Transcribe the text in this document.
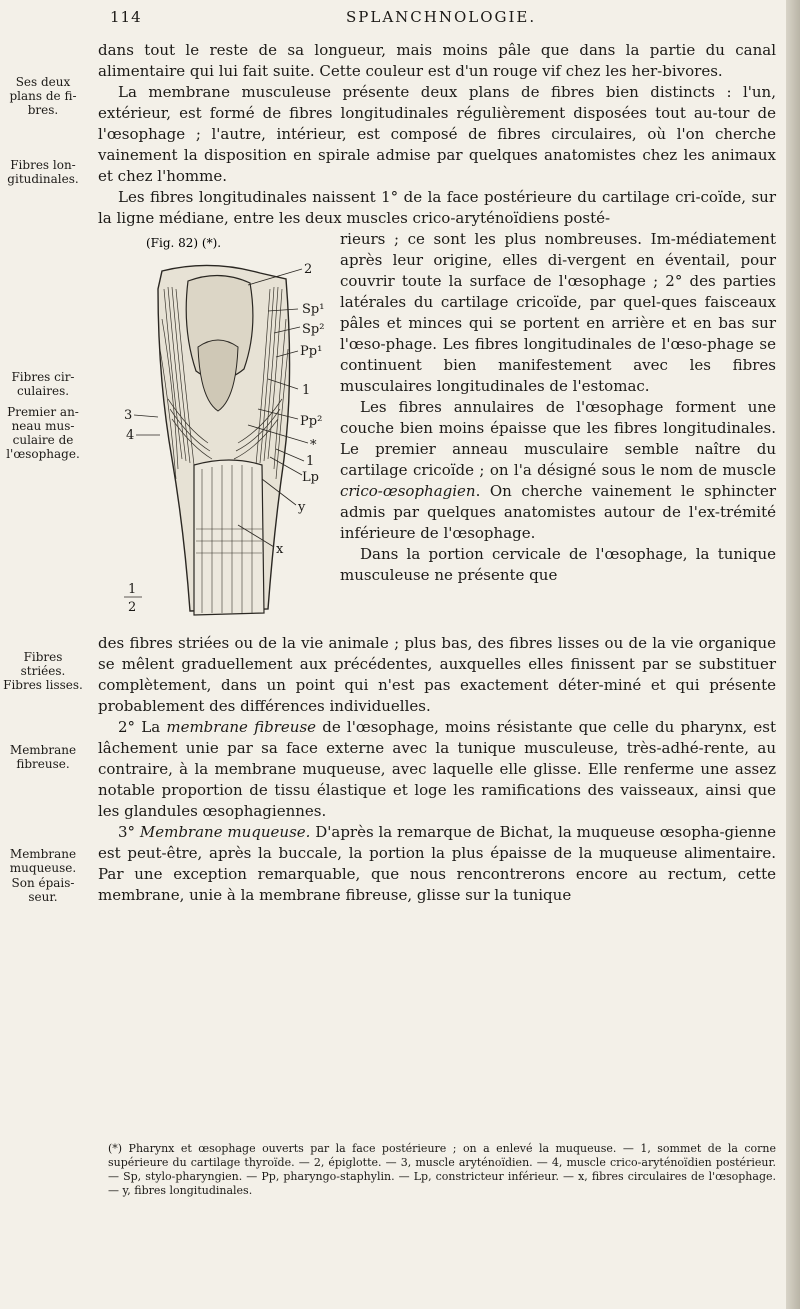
114	SPLANCHNOLOGIE.
Ses deux plans de fi-bres.
Fibres lon-gitudinales.
Fibres cir-culaires.
Premier an-neau mus-culaire de l'œsophage.
Fibres striées.
Fibres lisses.
Membrane fibreuse.
Membrane muqueuse.
Son épais-seur.

dans tout le reste de sa longueur, mais moins pâle que dans la partie du canal alimentaire qui lui fait suite. Cette couleur est d'un rouge vif chez les her-bivores.

La membrane musculeuse présente deux plans de fibres bien distincts : l'un, extérieur, est formé de fibres longitudinales régulièrement disposées tout au-tour de l'œsophage ; l'autre, intérieur, est composé de fibres circulaires, où l'on cherche vainement la disposition en spirale admise par quelques anatomistes chez les animaux et chez l'homme.

Les fibres longitudinales naissent 1° de la face postérieure du cartilage cri-coïde, sur la ligne médiane, entre les deux muscles crico-aryténoïdiens posté-

(Fig. 82) (*).
2
Sp¹
Sp²
Pp¹
1
Pp²
*
1
Lp
y
x
3
4
1
2

rieurs ; ce sont les plus nombreuses. Im-médiatement après leur origine, elles di-vergent en éventail, pour couvrir toute la surface de l'œsophage ; 2° des parties latérales du cartilage cricoïde, par quel-ques faisceaux pâles et minces qui se portent en arrière et en bas sur l'œso-phage. Les fibres longitudinales de l'œso-phage se continuent bien manifestement avec les fibres musculaires longitudinales de l'estomac.

Les fibres annulaires de l'œsophage forment une couche bien moins épaisse que les fibres longitudinales. Le premier anneau musculaire semble naître du cartilage cricoïde ; on l'a désigné sous le nom de muscle crico-œsophagien. On cherche vainement le sphincter admis par quelques anatomistes autour de l'ex-trémité inférieure de l'œsophage.

Dans la portion cervicale de l'œsophage, la tunique musculeuse ne présente que

des fibres striées ou de la vie animale ; plus bas, des fibres lisses ou de la vie organique se mêlent graduellement aux précédentes, auxquelles elles finissent par se substituer complètement, dans un point qui n'est pas exactement déter-miné et qui présente probablement des différences individuelles.

2° La membrane fibreuse de l'œsophage, moins résistante que celle du pharynx, est lâchement unie par sa face externe avec la tunique musculeuse, très-adhé-rente, au contraire, à la membrane muqueuse, avec laquelle elle glisse. Elle renferme une assez notable proportion de tissu élastique et loge les ramifications des vaisseaux, ainsi que les glandules œsophagiennes.

3° Membrane muqueuse. D'après la remarque de Bichat, la muqueuse œsopha-gienne est peut-être, après la buccale, la portion la plus épaisse de la muqueuse alimentaire. Par une exception remarquable, que nous rencontrerons encore au rectum, cette membrane, unie à la membrane fibreuse, glisse sur la tunique

(*) Pharynx et œsophage ouverts par la face postérieure ; on a enlevé la muqueuse. — 1, sommet de la corne supérieure du cartilage thyroïde. — 2, épiglotte. — 3, muscle aryténoïdien. — 4, muscle crico-aryténoïdien postérieur. — Sp, stylo-pharyngien. — Pp, pharyngo-staphylin. — Lp, constricteur inférieur. — x, fibres circulaires de l'œsophage. — y, fibres longitudinales.
